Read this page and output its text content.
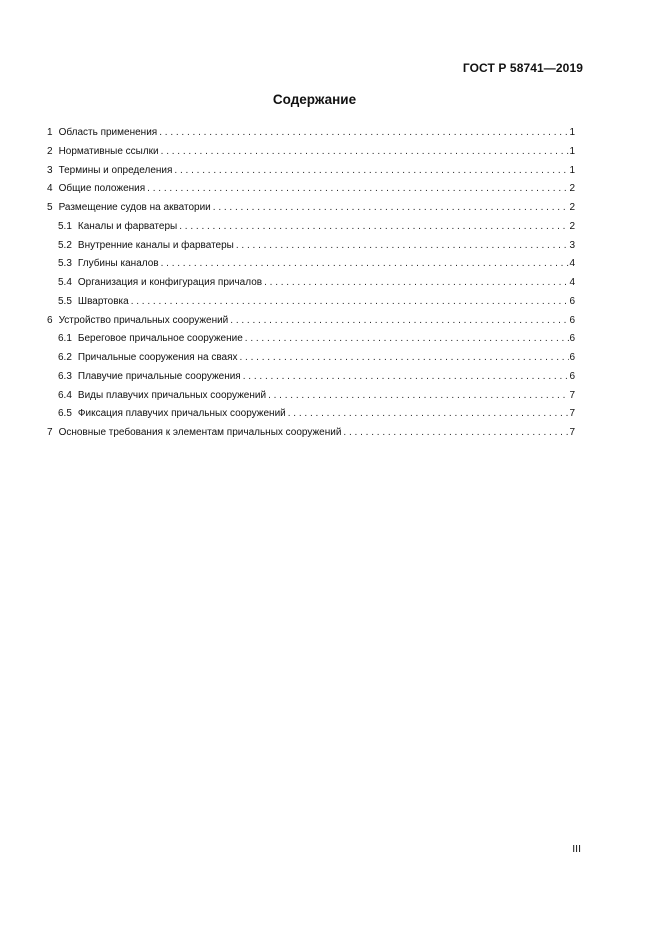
ГОСТ Р 58741—2019
Содержание
1 Область применения . . .	1
2 Нормативные ссылки . . .	1
3 Термины и определения . . .	1
4 Общие положения . . .	2
5 Размещение судов на акватории . . .	2
5.1 Каналы и фарватеры . . .	2
5.2 Внутренние каналы и фарватеры . . .	3
5.3 Глубины каналов . . .	4
5.4 Организация и конфигурация причалов . . .	4
5.5 Швартовка . . .	6
6 Устройство причальных сооружений . . .	6
6.1 Береговое причальное сооружение . . .	6
6.2 Причальные сооружения на сваях . . .	6
6.3 Плавучие причальные сооружения . . .	6
6.4 Виды плавучих причальных сооружений . . .	7
6.5 Фиксация плавучих причальных сооружений . . .	7
7 Основные требования к элементам причальных сооружений . . .	7
III
